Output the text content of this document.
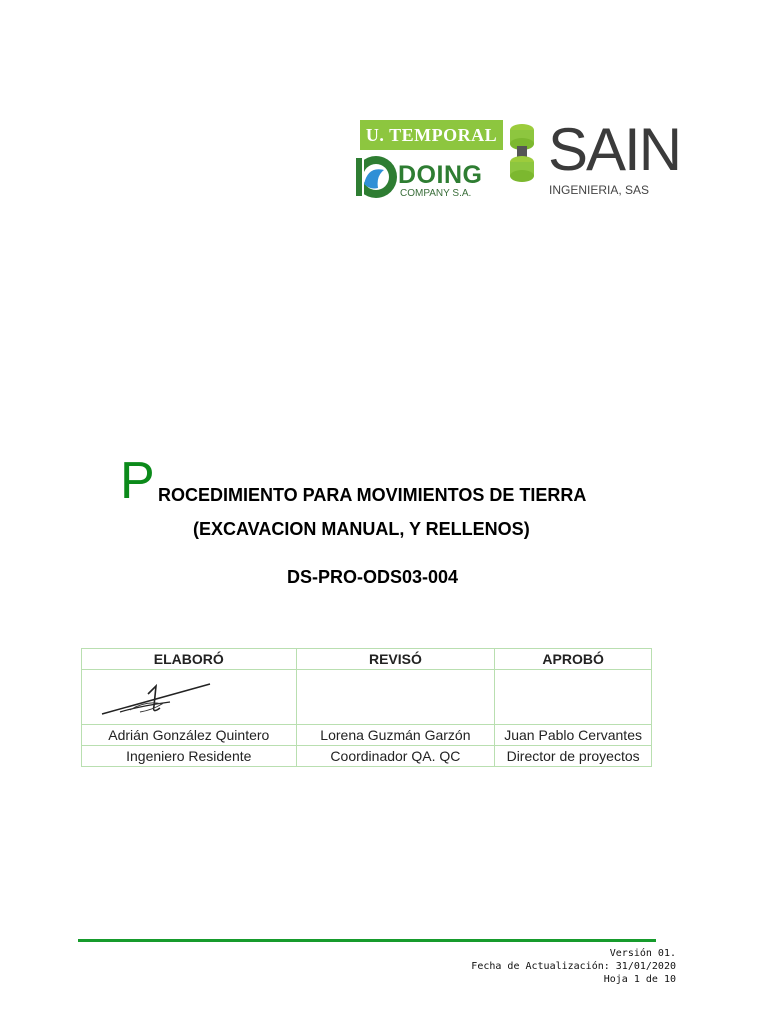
U. TEMPORAL
DOING
COMPANY S.A.
SAIN
INGENIERIA, SAS
P ROCEDIMIENTO PARA MOVIMIENTOS DE TIERRA
(EXCAVACION MANUAL, Y RELLENOS)
DS-PRO-ODS03-004
ELABORÓ	REVISÓ	APROBÓ

Adrián González Quintero	Lorena Guzmán Garzón	Juan Pablo Cervantes
Ingeniero Residente	Coordinador QA. QC	Director de proyectos
Versión 01.
Fecha de Actualización: 31/01/2020
Hoja 1 de 10
